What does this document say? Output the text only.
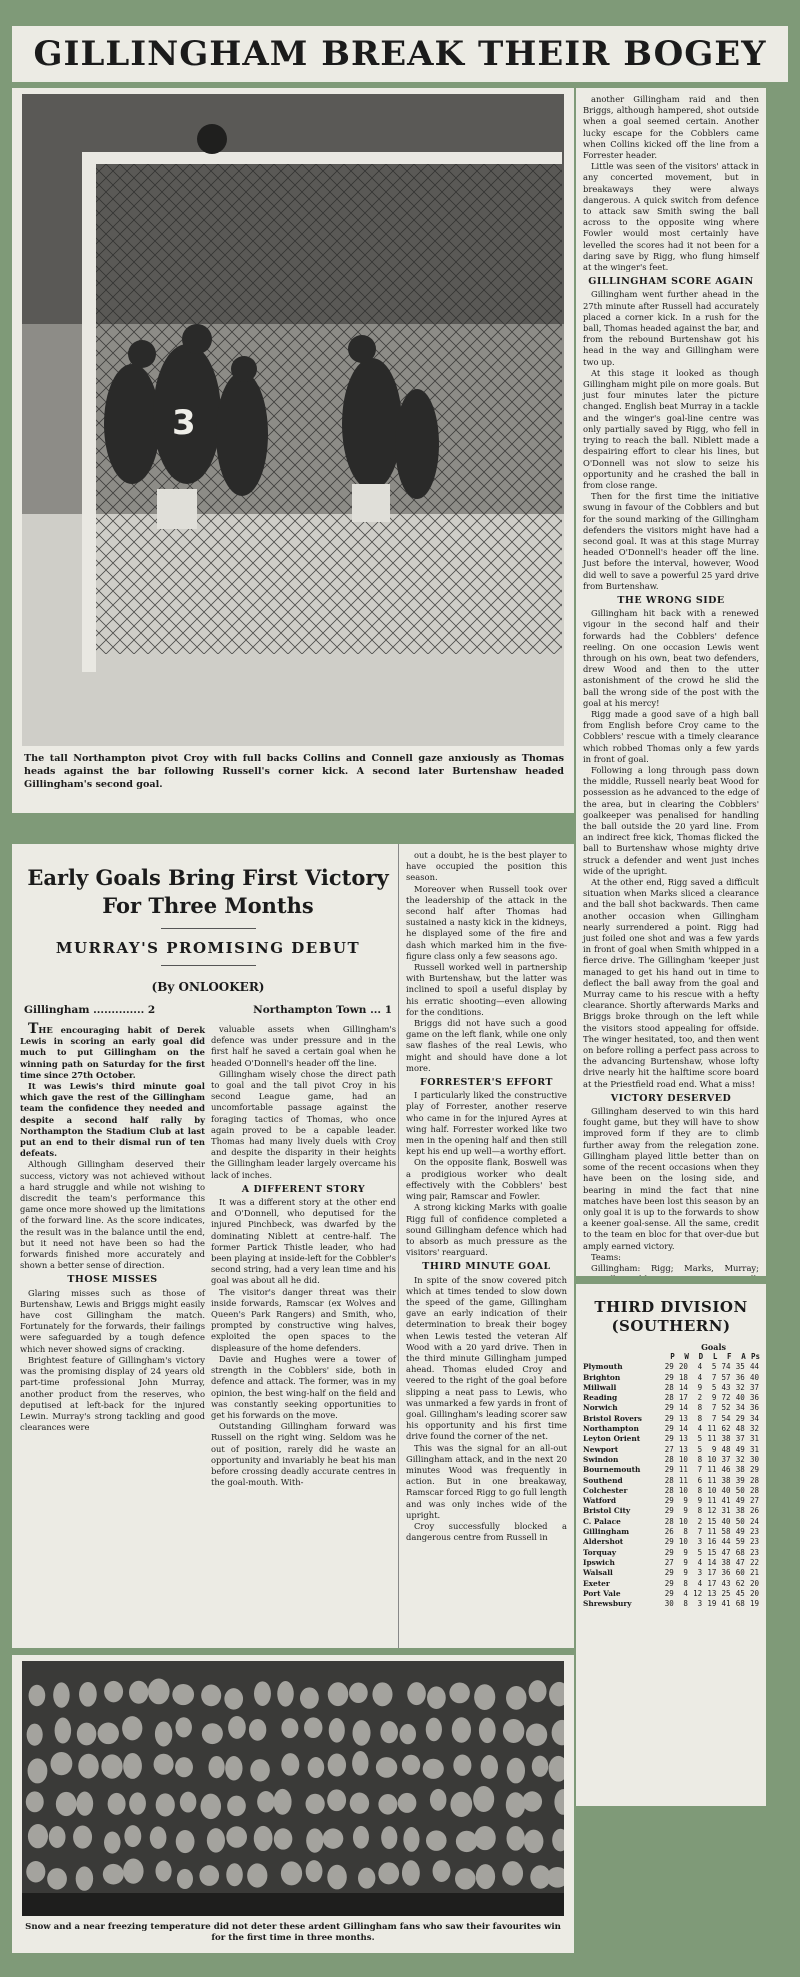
GILLINGHAM BREAK THEIR BOGEY
3
The tall Northampton pivot Croy with full backs Collins and Connell gaze anxiously as Thomas heads against the bar following Russell's corner kick. A second later Burtenshaw headed Gillingham's second goal.

another Gillingham raid and then Briggs, although hampered, shot outside when a goal seemed certain. Another lucky escape for the Cobblers came when Collins kicked off the line from a Forrester header.

Little was seen of the visitors' attack in any concerted movement, but in breakaways they were always dangerous. A quick switch from defence to attack saw Smith swing the ball across to the opposite wing where Fowler would most certainly have levelled the scores had it not been for a daring save by Rigg, who flung himself at the winger's feet.

GILLINGHAM SCORE AGAIN

Gillingham went further ahead in the 27th minute after Russell had accurately placed a corner kick. In a rush for the ball, Thomas headed against the bar, and from the rebound Burtenshaw got his head in the way and Gillingham were two up.

At this stage it looked as though Gillingham might pile on more goals. But just four minutes later the picture changed. English beat Murray in a tackle and the winger's goal-line centre was only partially saved by Rigg, who fell in trying to reach the ball. Niblett made a despairing effort to clear his lines, but O'Donnell was not slow to seize his opportunity and he crashed the ball in from close range.

Then for the first time the initiative swung in favour of the Cobblers and but for the sound marking of the Gillingham defenders the visitors might have had a second goal. It was at this stage Murray headed O'Donnell's header off the line. Just before the interval, however, Wood did well to save a powerful 25 yard drive from Burtenshaw.

THE WRONG SIDE

Gillingham hit back with a renewed vigour in the second half and their forwards had the Cobblers' defence reeling. On one occasion Lewis went through on his own, beat two defenders, drew Wood and then to the utter astonishment of the crowd he slid the ball the wrong side of the post with the goal at his mercy!

Rigg made a good save of a high ball from English before Croy came to the Cobblers' rescue with a timely clearance which robbed Thomas only a few yards in front of goal.

Following a long through pass down the middle, Russell nearly beat Wood for possession as he advanced to the edge of the area, but in clearing the Cobblers' goalkeeper was penalised for handling the ball outside the 20 yard line. From an indirect free kick, Thomas flicked the ball to Burtenshaw whose mighty drive struck a defender and went just inches wide of the upright.

At the other end, Rigg saved a difficult situation when Marks sliced a clearance and the ball shot backwards. Then came another occasion when Gillingham nearly surrendered a point. Rigg had just foiled one shot and was a few yards in front of goal when Smith whipped in a fierce drive. The Gillingham 'keeper just managed to get his hand out in time to deflect the ball away from the goal and Murray came to his rescue with a hefty clearance. Shortly afterwards Marks and Briggs broke through on the left while the visitors stood appealing for offside. The winger hesitated, too, and then went on before rolling a perfect pass across to the advancing Burtenshaw, whose lofty drive nearly hit the halftime score board at the Priestfield road end. What a miss!

VICTORY DESERVED

Gillingham deserved to win this hard fought game, but they will have to show improved form if they are to climb further away from the relegation zone. Gillingham played little better than on some of the recent occasions when they have been on the losing side, and bearing in mind the fact that nine matches have been lost this season by an only goal it is up to the forwards to show a keener goal-sense. All the same, credit to the team en bloc for that over-due but amply earned victory.

Teams:

Gillingham: Rigg; Marks, Murray;

Early Goals Bring First Victory
For Three Months
MURRAY'S PROMISING DEBUT
(By ONLOOKER)
Gillingham .............. 2	Northampton Town ... 1

THE encouraging habit of Derek Lewis in scoring an early goal did much to put Gillingham on the winning path on Saturday for the first time since 27th October.

It was Lewis's third minute goal which gave the rest of the Gillingham team the confidence they needed and despite a second half rally by Northampton the Stadium Club at last put an end to their dismal run of ten defeats.

Although Gillingham deserved their success, victory was not achieved without a hard struggle and while not wishing to discredit the team's performance this game once more showed up the limitations of the forward line. As the score indicates, the result was in the balance until the end, but it need not have been so had the forwards finished more accurately and shown a better sense of direction.

THOSE MISSES

Glaring misses such as those of Burtenshaw, Lewis and Briggs might easily have cost Gillingham the match. Fortunately for the forwards, their failings were safeguarded by a tough defence which never showed signs of cracking.

Brightest feature of Gillingham's victory was the promising display of 24 years old part-time professional John Murray, another product from the reserves, who deputised at left-back for the injured Lewin. Murray's strong tackling and good clearances were

valuable assets when Gillingham's defence was under pressure and in the first half he saved a certain goal when he headed O'Donnell's header off the line.

Gillingham wisely chose the direct path to goal and the tall pivot Croy in his second League game, had an uncomfortable passage against the foraging tactics of Thomas, who once again proved to be a capable leader. Thomas had many lively duels with Croy and despite the disparity in their heights the Gillingham leader largely overcame his lack of inches.

A DIFFERENT STORY

It was a different story at the other end and O'Donnell, who deputised for the injured Pinchbeck, was dwarfed by the dominating Niblett at centre-half. The former Partick Thistle leader, who had been playing at inside-left for the Cobbler's second string, had a very lean time and his goal was about all he did.

The visitor's danger threat was their inside forwards, Ramscar (ex Wolves and Queen's Park Rangers) and Smith, who, prompted by constructive wing halves, exploited the open spaces to the displeasure of the home defenders.

Davie and Hughes were a tower of strength in the Cobblers' side, both in defence and attack. The former, was in my opinion, the best wing-half on the field and was constantly seeking opportunities to get his forwards on the move.

Outstanding Gillingham forward was Russell on the right wing. Seldom was he out of position, rarely did he waste an opportunity and invariably he beat his man before crossing deadly accurate centres in the goal-mouth. With-

out a doubt, he is the best player to have occupied the position this season.

Moreover when Russell took over the leadership of the attack in the second half after Thomas had sustained a nasty kick in the kidneys, he displayed some of the fire and dash which marked him in the five-figure class only a few seasons ago.

Russell worked well in partnership with Burtenshaw, but the latter was inclined to spoil a useful display by his erratic shooting—even allowing for the conditions.

Briggs did not have such a good game on the left flank, while one only saw flashes of the real Lewis, who might and should have done a lot more.

FORRESTER'S EFFORT

I particularly liked the constructive play of Forrester, another reserve who came in for the injured Ayres at wing half. Forrester worked like two men in the opening half and then still kept his end up well—a worthy effort.

On the opposite flank, Boswell was a prodigious worker who dealt effectively with the Cobblers' best wing pair, Ramscar and Fowler.

A strong kicking Marks with goalie Rigg full of confidence completed a sound Gillingham defence which had to absorb as much pressure as the visitors' rearguard.

THIRD MINUTE GOAL

In spite of the snow covered pitch which at times tended to slow down the speed of the game, Gillingham gave an early indication of their determination to break their bogey when Lewis tested the veteran Alf Wood with a 20 yard drive. Then in the third minute Gillingham jumped ahead. Thomas eluded Croy and veered to the right of the goal before slipping a neat pass to Lewis, who was unmarked a few yards in front of goal. Gillingham's leading scorer saw his opportunity and his first time drive found the corner of the net.

This was the signal for an all-out Gillingham attack, and in the next 20 minutes Wood was frequently in action. But in one breakaway, Ramscar forced Rigg to go full length and was only inches wide of the upright.

Croy successfully blocked a dangerous centre from Russell in

Snow and a near freezing temperature did not deter these ardent Gillingham fans who saw their favourites win for the first time in three months.
THIRD DIVISION
(SOUTHERN)
Goals
	P	W	D	L	F	A	Ps
Plymouth	29	20	4	5	74	35	44
Brighton	29	18	4	7	57	36	40
Millwall	28	14	9	5	43	32	37
Reading	28	17	2	9	72	40	36
Norwich	29	14	8	7	52	34	36
Bristol Rovers	29	13	8	7	54	29	34
Northampton	29	14	4	11	62	48	32
Leyton Orient	29	13	5	11	38	37	31
Newport	27	13	5	9	48	49	31
Swindon	28	10	8	10	37	32	30
Bournemouth	29	11	7	11	46	38	29
Southend	28	11	6	11	38	39	28
Colchester	28	10	8	10	40	50	28
Watford	29	9	9	11	41	49	27
Bristol City	29	9	8	12	31	38	26
C. Palace	28	10	2	15	40	50	24
Gillingham	26	8	7	11	58	49	23
Aldershot	29	10	3	16	44	59	23
Torquay	29	9	5	15	47	68	23
Ipswich	27	9	4	14	38	47	22
Walsall	29	9	3	17	36	60	21
Exeter	29	8	4	17	43	62	20
Port Vale	29	4	12	13	25	45	20
Shrewsbury	30	8	3	19	41	68	19
